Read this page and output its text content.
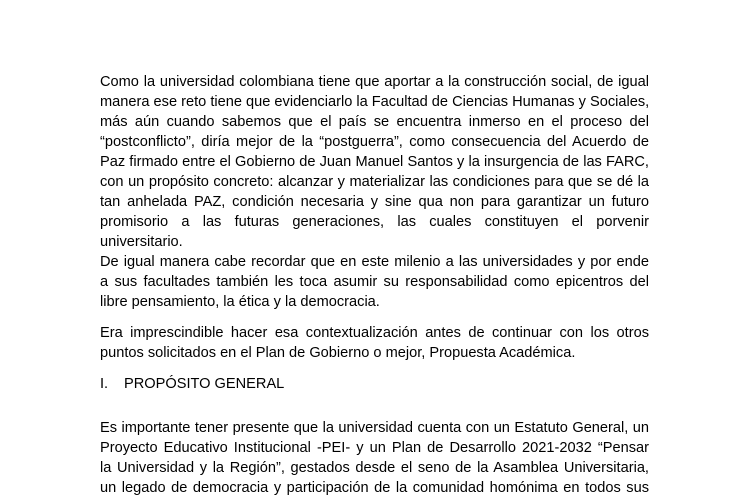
Como la universidad colombiana tiene que aportar a la construcción social, de igual
manera ese reto tiene que evidenciarlo la Facultad de Ciencias Humanas y Sociales,
más aún cuando sabemos que el país se encuentra inmerso en el proceso del
“postconflicto”, diría mejor de la “postguerra”, como consecuencia del Acuerdo de
Paz firmado entre el Gobierno de Juan Manuel Santos y la insurgencia de las FARC,
con un propósito concreto: alcanzar y materializar las condiciones para que se dé la
tan anhelada PAZ, condición necesaria y sine qua non para garantizar un futuro
promisorio a las futuras generaciones, las cuales constituyen el porvenir
universitario.
De igual manera cabe recordar que en este milenio a las universidades y por ende
a sus facultades también les toca asumir su responsabilidad como epicentros del
libre pensamiento, la ética y la democracia.
Era imprescindible hacer esa contextualización antes de continuar con los otros
puntos solicitados en el Plan de Gobierno o mejor, Propuesta Académica.
I. PROPÓSITO GENERAL
Es importante tener presente que la universidad cuenta con un Estatuto General, un
Proyecto Educativo Institucional -PEI- y un Plan de Desarrollo 2021-2032 “Pensar
la Universidad y la Región”, gestados desde el seno de la Asamblea Universitaria,
un legado de democracia y participación de la comunidad homónima en todos sus
